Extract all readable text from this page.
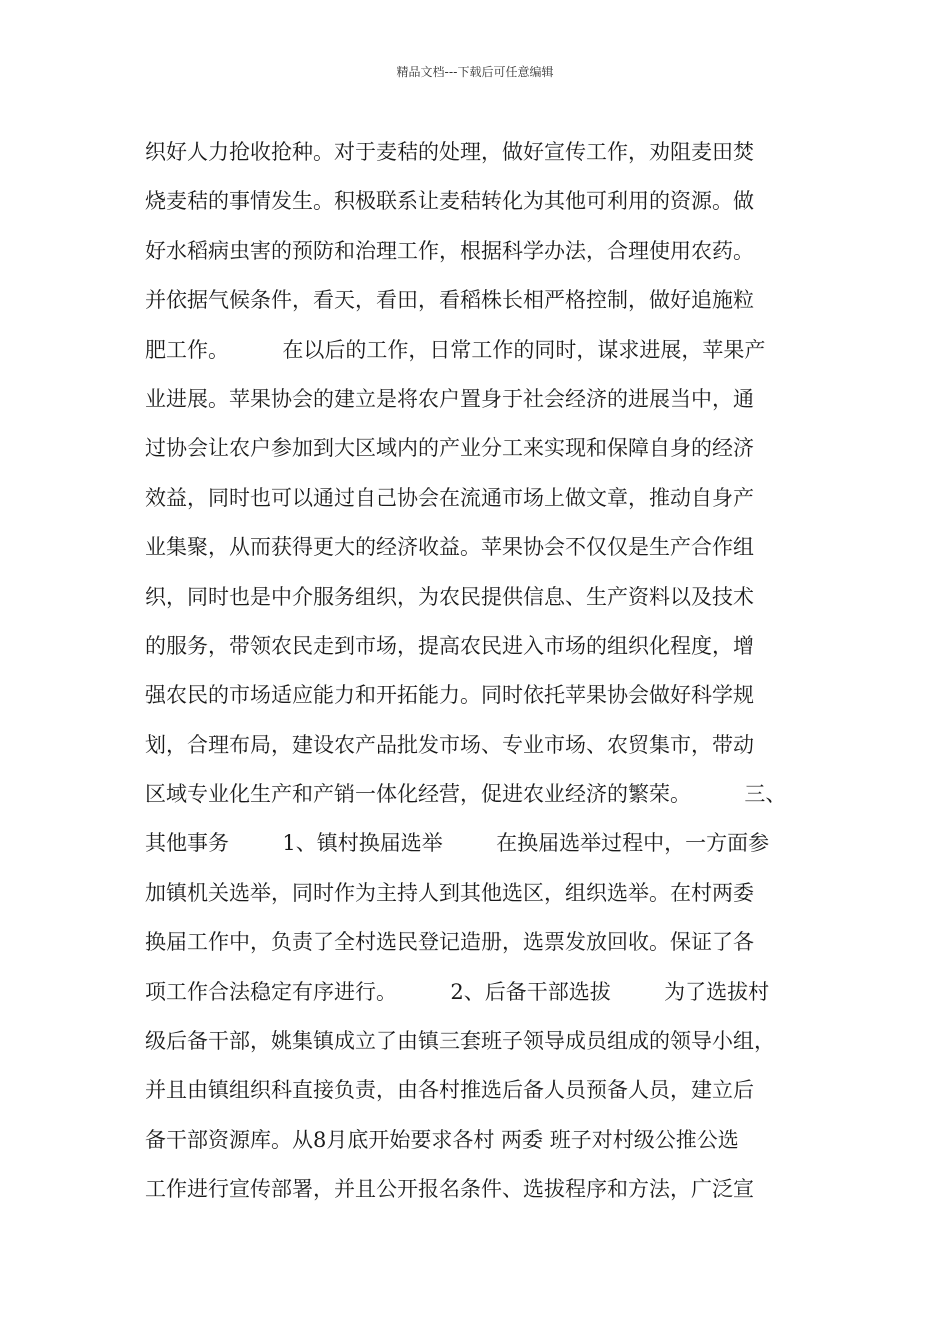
精品文档---下载后可任意编辑
织好人力抢收抢种。对于麦秸的处理，做好宣传工作，劝阻麦田焚
烧麦秸的事情发生。积极联系让麦秸转化为其他可利用的资源。做
好水稻病虫害的预防和治理工作，根据科学办法，合理使用农药。
并依据气候条件，看天，看田，看稻株长相严格控制，做好追施粒
肥工作。        在以后的工作，日常工作的同时，谋求进展，苹果产
业进展。苹果协会的建立是将农户置身于社会经济的进展当中，通
过协会让农户参加到大区域内的产业分工来实现和保障自身的经济
效益，同时也可以通过自己协会在流通市场上做文章，推动自身产
业集聚，从而获得更大的经济收益。苹果协会不仅仅是生产合作组
织，同时也是中介服务组织，为农民提供信息、生产资料以及技术
的服务，带领农民走到市场，提高农民进入市场的组织化程度，增
强农民的市场适应能力和开拓能力。同时依托苹果协会做好科学规
划，合理布局，建设农产品批发市场、专业市场、农贸集市，带动
区域专业化生产和产销一体化经营，促进农业经济的繁荣。        三、
其他事务        1、镇村换届选举        在换届选举过程中，一方面参
加镇机关选举，同时作为主持人到其他选区，组织选举。在村两委
换届工作中，负责了全村选民登记造册，选票发放回收。保证了各
项工作合法稳定有序进行。        2、后备干部选拔        为了选拔村
级后备干部，姚集镇成立了由镇三套班子领导成员组成的领导小组，
并且由镇组织科直接负责，由各村推选后备人员预备人员，建立后
备干部资源库。从8月底开始要求各村 两委 班子对村级公推公选
工作进行宣传部署，并且公开报名条件、选拔程序和方法，广泛宣
